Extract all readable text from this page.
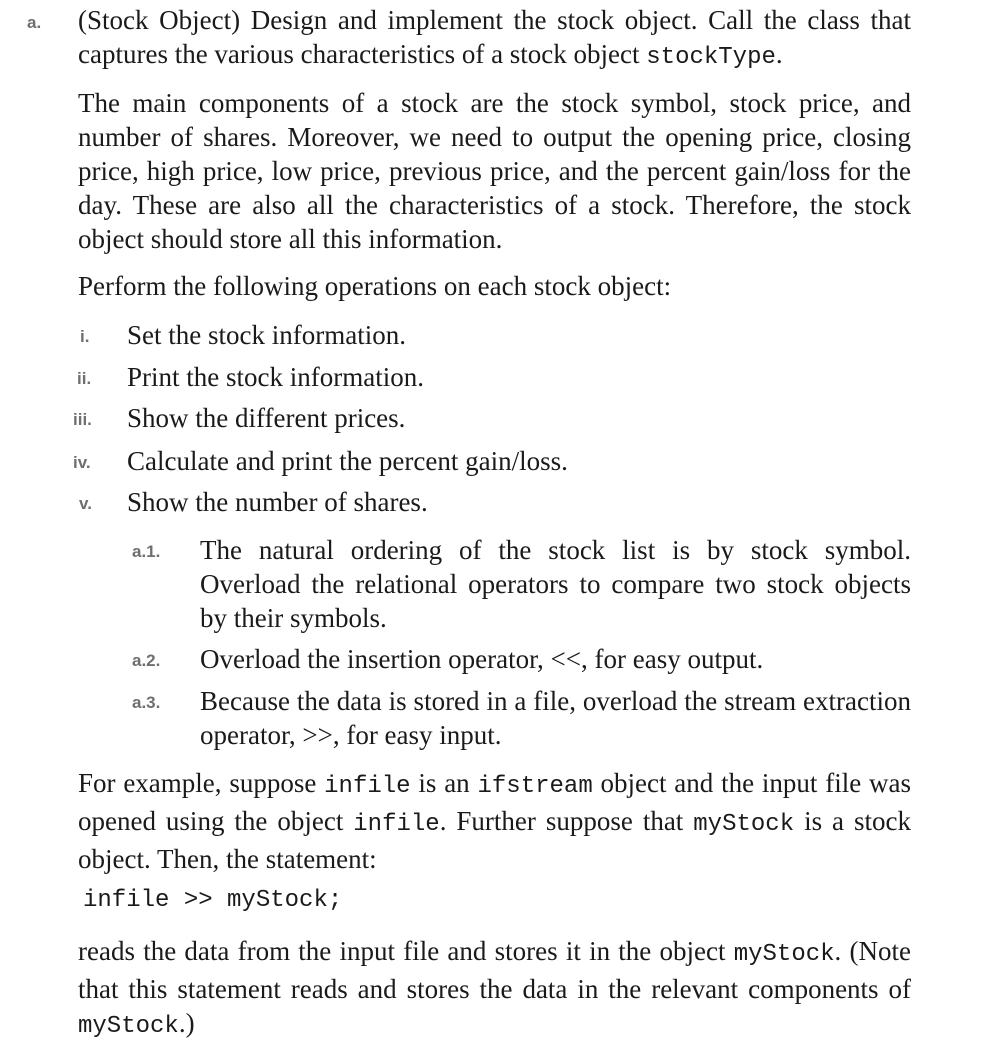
a. (Stock Object) Design and implement the stock object. Call the class that captures the various characteristics of a stock object stockType.
The main components of a stock are the stock symbol, stock price, and number of shares. Moreover, we need to output the opening price, closing price, high price, low price, previous price, and the percent gain/loss for the day. These are also all the characteristics of a stock. Therefore, the stock object should store all this information.
Perform the following operations on each stock object:
i. Set the stock information.
ii. Print the stock information.
iii. Show the different prices.
iv. Calculate and print the percent gain/loss.
v. Show the number of shares.
a.1. The natural ordering of the stock list is by stock symbol. Overload the relational operators to compare two stock objects by their symbols.
a.2. Overload the insertion operator, <<, for easy output.
a.3. Because the data is stored in a file, overload the stream extraction operator, >>, for easy input.
For example, suppose infile is an ifstream object and the input file was opened using the object infile. Further suppose that myStock is a stock object. Then, the statement:
infile >> myStock;
reads the data from the input file and stores it in the object myStock. (Note that this statement reads and stores the data in the relevant components of myStock.)
